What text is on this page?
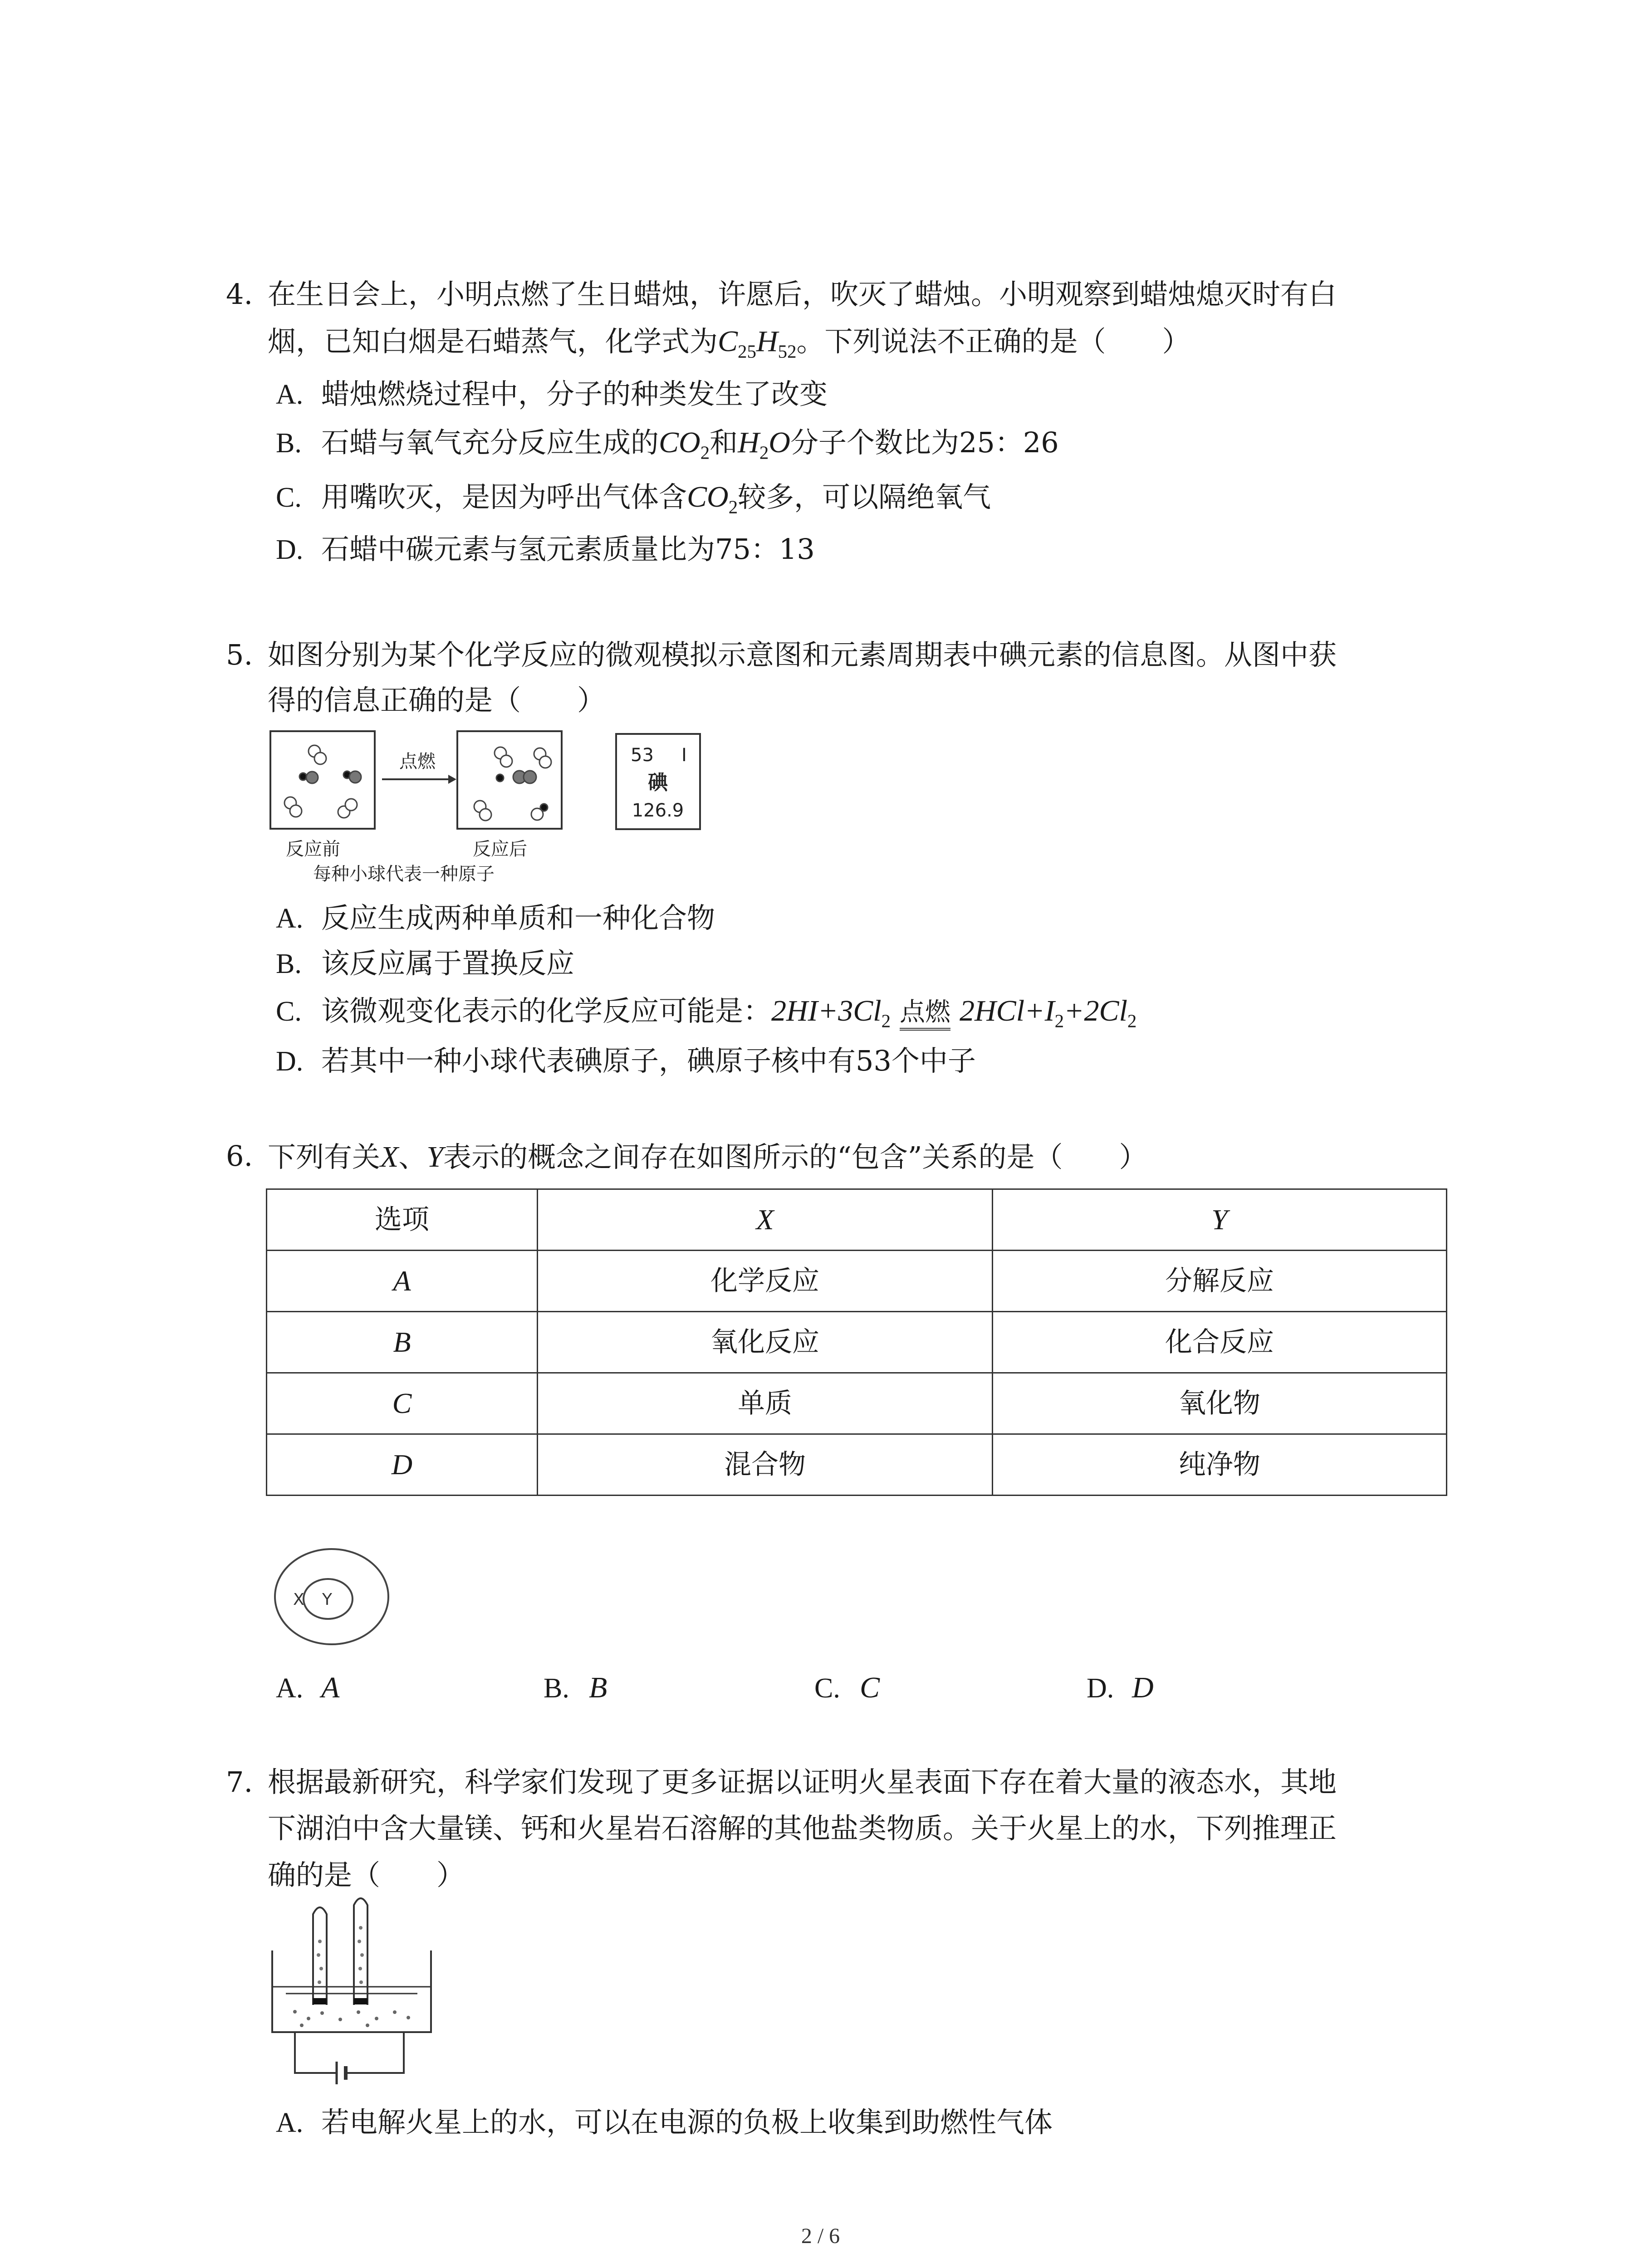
4. 在生日会上，小明点燃了生日蜡烛，许愿后，吹灭了蜡烛。小明观察到蜡烛熄灭时有白
烟，已知白烟是石蜡蒸气，化学式为$C_{25}H_{52}$。下列说法不正确的是（　　）
A. 蜡烛燃烧过程中，分子的种类发生了改变
B. 石蜡与氧气充分反应生成的$CO_2$和$H_2O$分子个数比为25：26
C. 用嘴吹灭，是因为呼出气体含$CO_2$较多，可以隔绝氧气
D. 石蜡中碳元素与氢元素质量比为75：13
5. 如图分别为某个化学反应的微观模拟示意图和元素周期表中碘元素的信息图。从图中获
得的信息正确的是（　　）
点燃
反应前	反应后
每种小球代表一种原子
53 I
碘
126.9
A. 反应生成两种单质和一种化合物
B. 该反应属于置换反应
C. 该微观变化表示的化学反应可能是：$2HI+3Cl_2$ 点燃 $2HCl+I_2+2Cl_2$
D. 若其中一种小球代表碘原子，碘原子核中有53个中子
6. 下列有关X、Y表示的概念之间存在如图所示的“包含”关系的是（　　）
选项	X	Y
A	化学反应	分解反应
B	氧化反应	化合反应
C	单质	氧化物
D	混合物	纯净物
X Y
A. A	B. B	C. C	D. D
7. 根据最新研究，科学家们发现了更多证据以证明火星表面下存在着大量的液态水，其地
下湖泊中含大量镁、钙和火星岩石溶解的其他盐类物质。关于火星上的水，下列推理正
确的是（　　）
A. 若电解火星上的水，可以在电源的负极上收集到助燃性气体
2 / 6
